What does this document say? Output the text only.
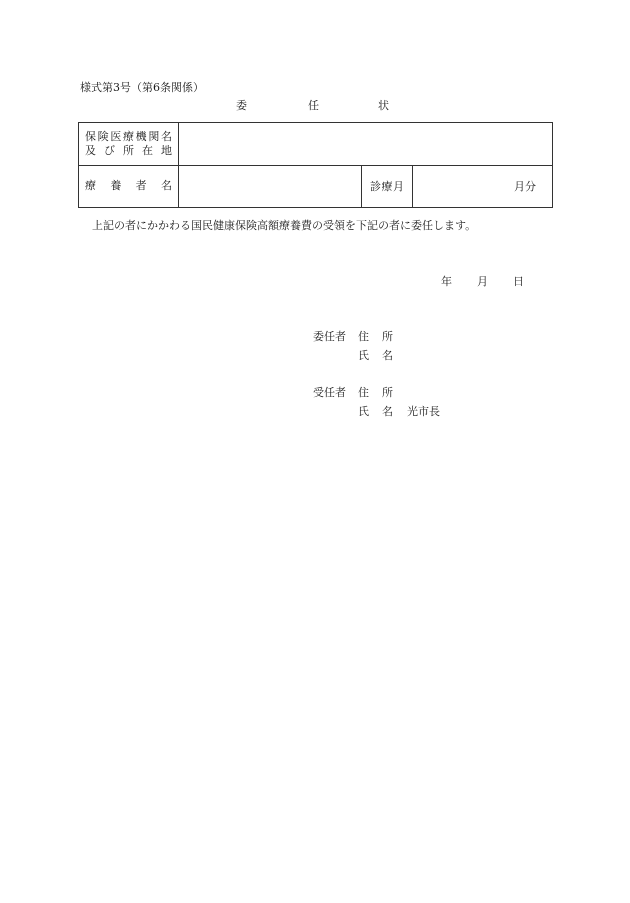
様式第3号（第6条関係）
委	任	状
保険医療機関名
及び所在地			

療養者名		診療月	月分
上記の者にかかわる国民健康保険高額療養費の受領を下記の者に委任します。
年 月 日
委任者 住 所
氏 名
受任者 住 所
氏 名 光市長
